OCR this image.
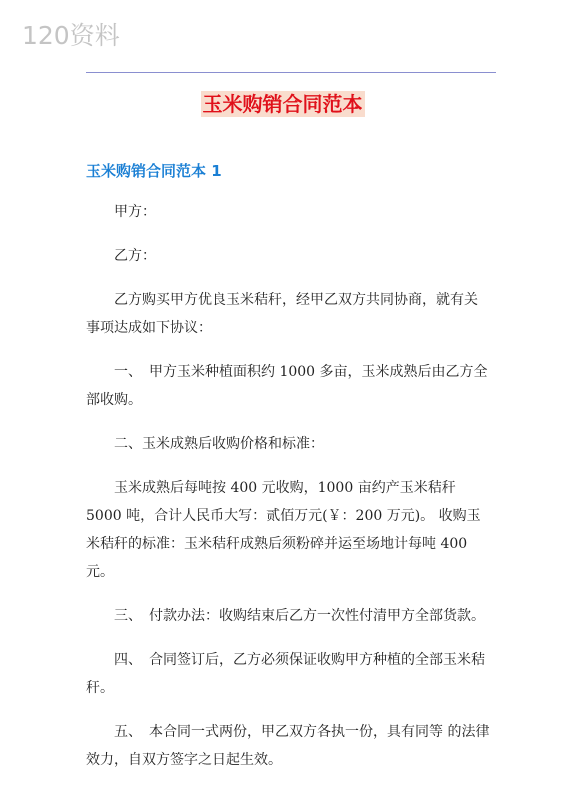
120资料
玉米购销合同范本
玉米购销合同范本 1

甲方：

乙方：

乙方购买甲方优良玉米秸秆，经甲乙双方共同协商，就有关事项达成如下协议：

一、　甲方玉米种植面积约 1000 多亩，玉米成熟后由乙方全部收购。

二、玉米成熟后收购价格和标准：

玉米成熟后每吨按 400 元收购，1000 亩约产玉米秸秆 5000 吨，合计人民币大写：贰佰万元(￥：200 万元)。 收购玉米秸秆的标准：玉米秸秆成熟后须粉碎并运至场地计每吨 400 元。

三、　付款办法：收购结束后乙方一次性付清甲方全部货款。

四、　合同签订后，乙方必须保证收购甲方种植的全部玉米秸秆。

五、　本合同一式两份，甲乙双方各执一份，具有同等 的法律效力，自双方签字之日起生效。
